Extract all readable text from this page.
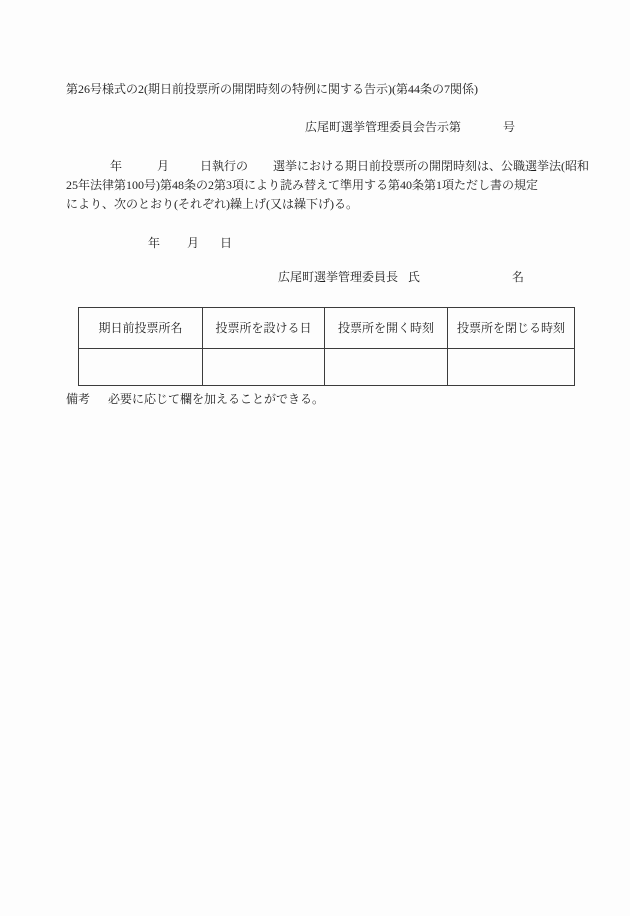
第26号様式の2(期日前投票所の開閉時刻の特例に関する告示)(第44条の7関係)
広尾町選挙管理委員会告示第	号
年	月	日執行の 選挙における期日前投票所の開閉時刻は、公職選挙法(昭和
25年法律第100号)第48条の2第3項により読み替えて準用する第40条第1項ただし書の規定
により、次のとおり(それぞれ)繰上げ(又は繰下げ)る。
年 月 日
広尾町選挙管理委員長 氏	名
期日前投票所名	投票所を設ける日	投票所を開く時刻	投票所を閉じる時刻

備考 必要に応じて欄を加えることができる。
